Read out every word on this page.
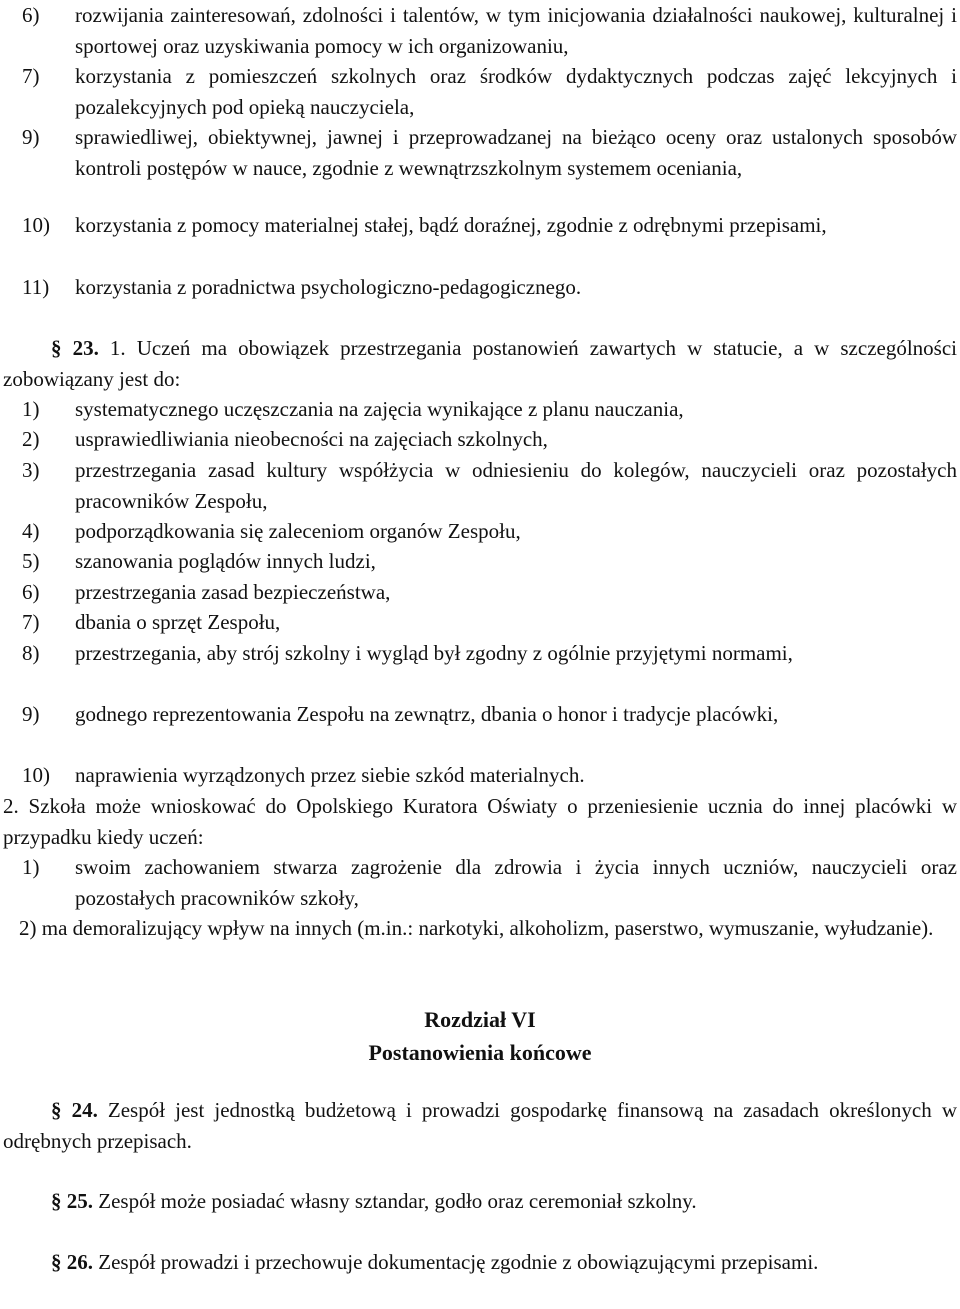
6) rozwijania zainteresowań, zdolności i talentów, w tym inicjowania działalności naukowej, kulturalnej i sportowej oraz uzyskiwania pomocy w ich organizowaniu,
7) korzystania z pomieszczeń szkolnych oraz środków dydaktycznych podczas zajęć lekcyjnych i pozalekcyjnych pod opieką nauczyciela,
9) sprawiedliwej, obiektywnej, jawnej i przeprowadzanej na bieżąco oceny oraz ustalonych sposobów kontroli postępów w nauce, zgodnie z wewnątrzszkolnym systemem oceniania,
10) korzystania z pomocy materialnej stałej, bądź doraźnej, zgodnie z odrębnymi przepisami,
11) korzystania z poradnictwa psychologiczno-pedagogicznego.
§ 23. 1. Uczeń ma obowiązek przestrzegania postanowień zawartych w statucie, a w szczególności zobowiązany jest do:
1) systematycznego uczęszczania na zajęcia wynikające z planu nauczania,
2) usprawiedliwiania nieobecności na zajęciach szkolnych,
3) przestrzegania zasad kultury współżycia w odniesieniu do kolegów, nauczycieli oraz pozostałych pracowników Zespołu,
4) podporządkowania się zaleceniom organów Zespołu,
5) szanowania poglądów innych ludzi,
6) przestrzegania zasad bezpieczeństwa,
7) dbania o sprzęt Zespołu,
8) przestrzegania, aby strój szkolny i wygląd był zgodny z ogólnie przyjętymi normami,
9) godnego reprezentowania Zespołu na zewnątrz, dbania o honor i tradycje placówki,
10) naprawienia wyrządzonych przez siebie szkód materialnych.
2. Szkoła może wnioskować do Opolskiego Kuratora Oświaty o przeniesienie ucznia do innej placówki w przypadku kiedy uczeń:
1) swoim zachowaniem stwarza zagrożenie dla zdrowia i życia innych uczniów, nauczycieli oraz pozostałych pracowników szkoły,
2) ma demoralizujący wpływ na innych (m.in.: narkotyki, alkoholizm, paserstwo, wymuszanie, wyłudzanie).
Rozdział VI
Postanowienia końcowe
§ 24. Zespół jest jednostką budżetową i prowadzi gospodarkę finansową na zasadach określonych w odrębnych przepisach.
§ 25. Zespół może posiadać własny sztandar, godło oraz ceremoniał szkolny.
§ 26. Zespół prowadzi i przechowuje dokumentację zgodnie z obowiązującymi przepisami.
